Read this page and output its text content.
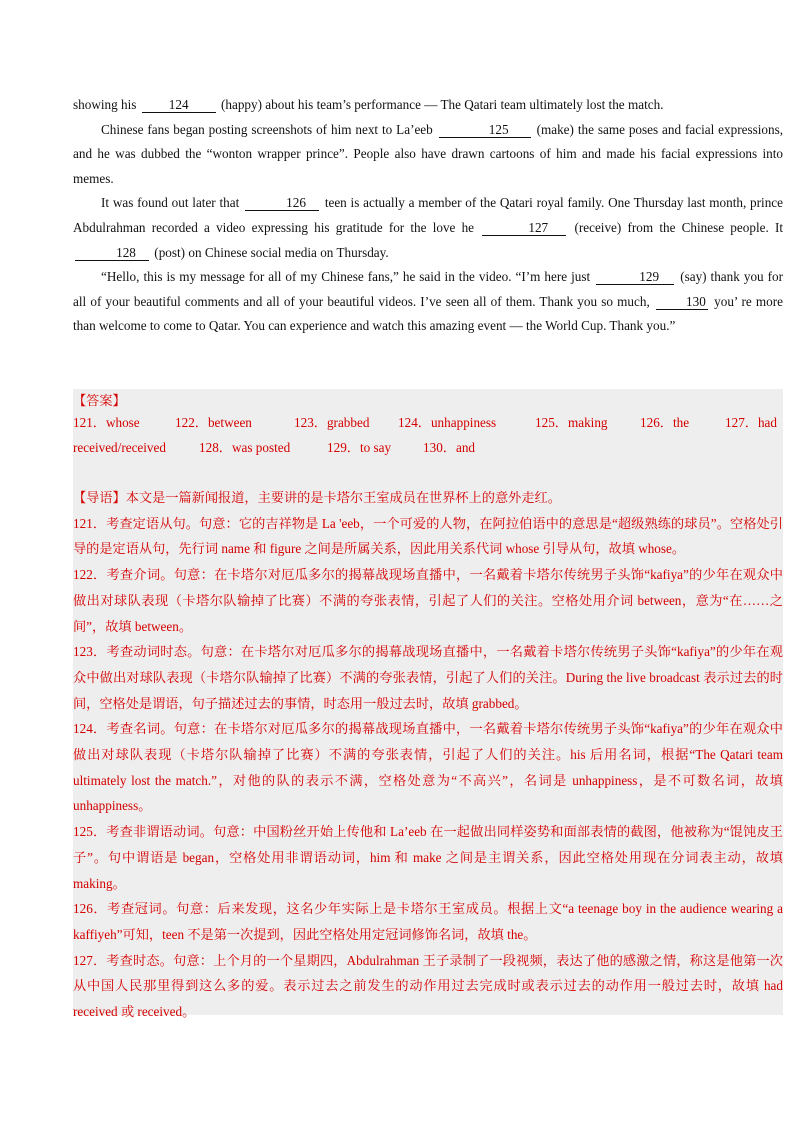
showing his 124 (happy) about his team’s performance — The Qatari team ultimately lost the match.

Chinese fans began posting screenshots of him next to La’eeb	125 (make) the same poses and facial expressions, and he was dubbed the “wonton wrapper prince”. People also have drawn cartoons of him and made his facial expressions into memes.

It was found out later that	126 teen is actually a member of the Qatari royal family. One Thursday last month, prince Abdulrahman recorded a video expressing his gratitude for the love he	127 (receive) from the Chinese people. It 128 (post) on Chinese social media on Thursday.

“Hello, this is my message for all of my Chinese fans,” he said in the video. “I’m here just	129 (say) thank you for all of your beautiful comments and all of your beautiful videos. I’ve seen all of them. Thank you so much,	130 you’ re more than welcome to come to Qatar. You can experience and watch this amazing event — the World Cup. Thank you.”

【答案】
121．whose	122．between	123．grabbed 124．unhappiness	125．making 126．the	127．had
received/received	128．was posted	129．to say 130．and

【导语】本文是一篇新闻报道，主要讲的是卡塔尔王室成员在世界杯上的意外走红。

121．考查定语从句。句意：它的吉祥物是 La 'eeb，一个可爱的人物，在阿拉伯语中的意思是“超级熟练的球员”。空格处引导的是定语从句，先行词 name 和 figure 之间是所属关系，因此用关系代词 whose 引导从句，故填 whose。

122．考查介词。句意：在卡塔尔对厄瓜多尔的揭幕战现场直播中，一名戴着卡塔尔传统男子头饰“kafiya”的少年在观众中做出对球队表现（卡塔尔队输掉了比赛）不满的夸张表情，引起了人们的关注。空格处用介词 between，意为“在……之间”，故填 between。

123．考查动词时态。句意：在卡塔尔对厄瓜多尔的揭幕战现场直播中，一名戴着卡塔尔传统男子头饰“kafiya”的少年在观众中做出对球队表现（卡塔尔队输掉了比赛）不满的夸张表情，引起了人们的关注。During the live broadcast 表示过去的时间，空格处是谓语，句子描述过去的事情，时态用一般过去时，故填 grabbed。

124．考查名词。句意：在卡塔尔对厄瓜多尔的揭幕战现场直播中，一名戴着卡塔尔传统男子头饰“kafiya”的少年在观众中做出对球队表现（卡塔尔队输掉了比赛）不满的夸张表情，引起了人们的关注。his 后用名词，根据“The Qatari team ultimately lost the match.”，对他的队的表示不满，空格处意为“不高兴”，名词是 unhappiness，是不可数名词，故填 unhappiness。

125．考查非谓语动词。句意：中国粉丝开始上传他和 La’eeb 在一起做出同样姿势和面部表情的截图，他被称为“馄饨皮王子”。句中谓语是 began，空格处用非谓语动词，him 和 make 之间是主谓关系，因此空格处用现在分词表主动，故填 making。

126．考查冠词。句意：后来发现，这名少年实际上是卡塔尔王室成员。根据上文“a teenage boy in the audience wearing a kaffiyeh”可知，teen 不是第一次提到，因此空格处用定冠词修饰名词，故填 the。

127．考查时态。句意：上个月的一个星期四，Abdulrahman 王子录制了一段视频，表达了他的感激之情，称这是他第一次从中国人民那里得到这么多的爱。表示过去之前发生的动作用过去完成时或表示过去的动作用一般过去时，故填 had received 或 received。
